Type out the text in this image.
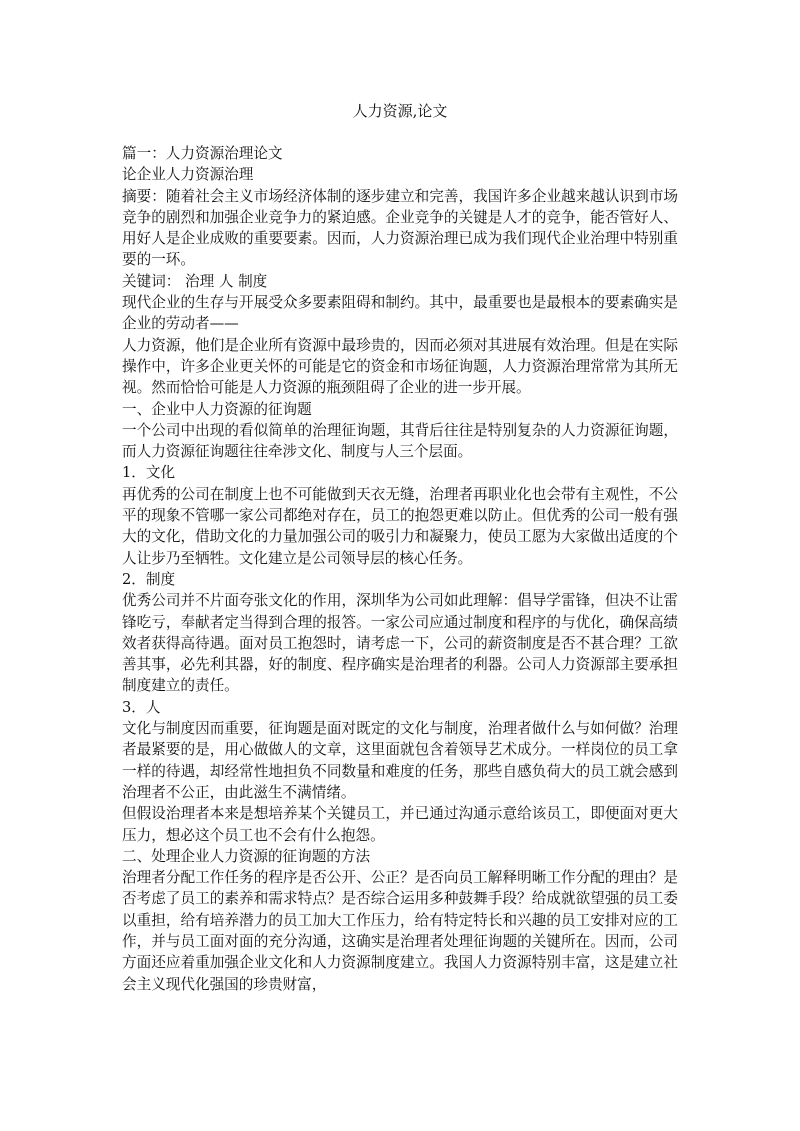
人力资源,论文

篇一：人力资源治理论文

论企业人力资源治理

摘要：随着社会主义市场经济体制的逐步建立和完善，我国许多企业越来越认识到市场竞争的剧烈和加强企业竞争力的紧迫感。企业竞争的关键是人才的竞争，能否管好人、用好人是企业成败的重要要素。因而，人力资源治理已成为我们现代企业治理中特别重要的一环。

关键词： 治理 人 制度

现代企业的生存与开展受众多要素阻碍和制约。其中，最重要也是最根本的要素确实是企业的劳动者——

人力资源，他们是企业所有资源中最珍贵的，因而必须对其进展有效治理。但是在实际操作中，许多企业更关怀的可能是它的资金和市场征询题，人力资源治理常常为其所无视。然而恰恰可能是人力资源的瓶颈阻碍了企业的进一步开展。

一、企业中人力资源的征询题

一个公司中出现的看似简单的治理征询题，其背后往往是特别复杂的人力资源征询题，而人力资源征询题往往牵涉文化、制度与人三个层面。

1．文化

再优秀的公司在制度上也不可能做到天衣无缝，治理者再职业化也会带有主观性，不公平的现象不管哪一家公司都绝对存在，员工的抱怨更难以防止。但优秀的公司一般有强大的文化，借助文化的力量加强公司的吸引力和凝聚力，使员工愿为大家做出适度的个人让步乃至牺牲。文化建立是公司领导层的核心任务。

2．制度

优秀公司并不片面夸张文化的作用，深圳华为公司如此理解：倡导学雷锋，但决不让雷锋吃亏，奉献者定当得到合理的报答。一家公司应通过制度和程序的与优化，确保高绩效者获得高待遇。面对员工抱怨时，请考虑一下，公司的薪资制度是否不甚合理？工欲善其事，必先利其器，好的制度、程序确实是治理者的利器。公司人力资源部主要承担制度建立的责任。

3．人

文化与制度因而重要，征询题是面对既定的文化与制度，治理者做什么与如何做？治理者最紧要的是，用心做做人的文章，这里面就包含着领导艺术成分。一样岗位的员工拿一样的待遇，却经常性地担负不同数量和难度的任务，那些自感负荷大的员工就会感到治理者不公正，由此滋生不满情绪。

但假设治理者本来是想培养某个关键员工，并已通过沟通示意给该员工，即便面对更大压力，想必这个员工也不会有什么抱怨。

二、处理企业人力资源的征询题的方法

治理者分配工作任务的程序是否公开、公正？是否向员工解释明晰工作分配的理由？是否考虑了员工的素养和需求特点？是否综合运用多种鼓舞手段？给成就欲望强的员工委以重担，给有培养潜力的员工加大工作压力，给有特定特长和兴趣的员工安排对应的工作，并与员工面对面的充分沟通，这确实是治理者处理征询题的关键所在。因而，公司方面还应着重加强企业文化和人力资源制度建立。我国人力资源特别丰富，这是建立社会主义现代化强国的珍贵财富，
